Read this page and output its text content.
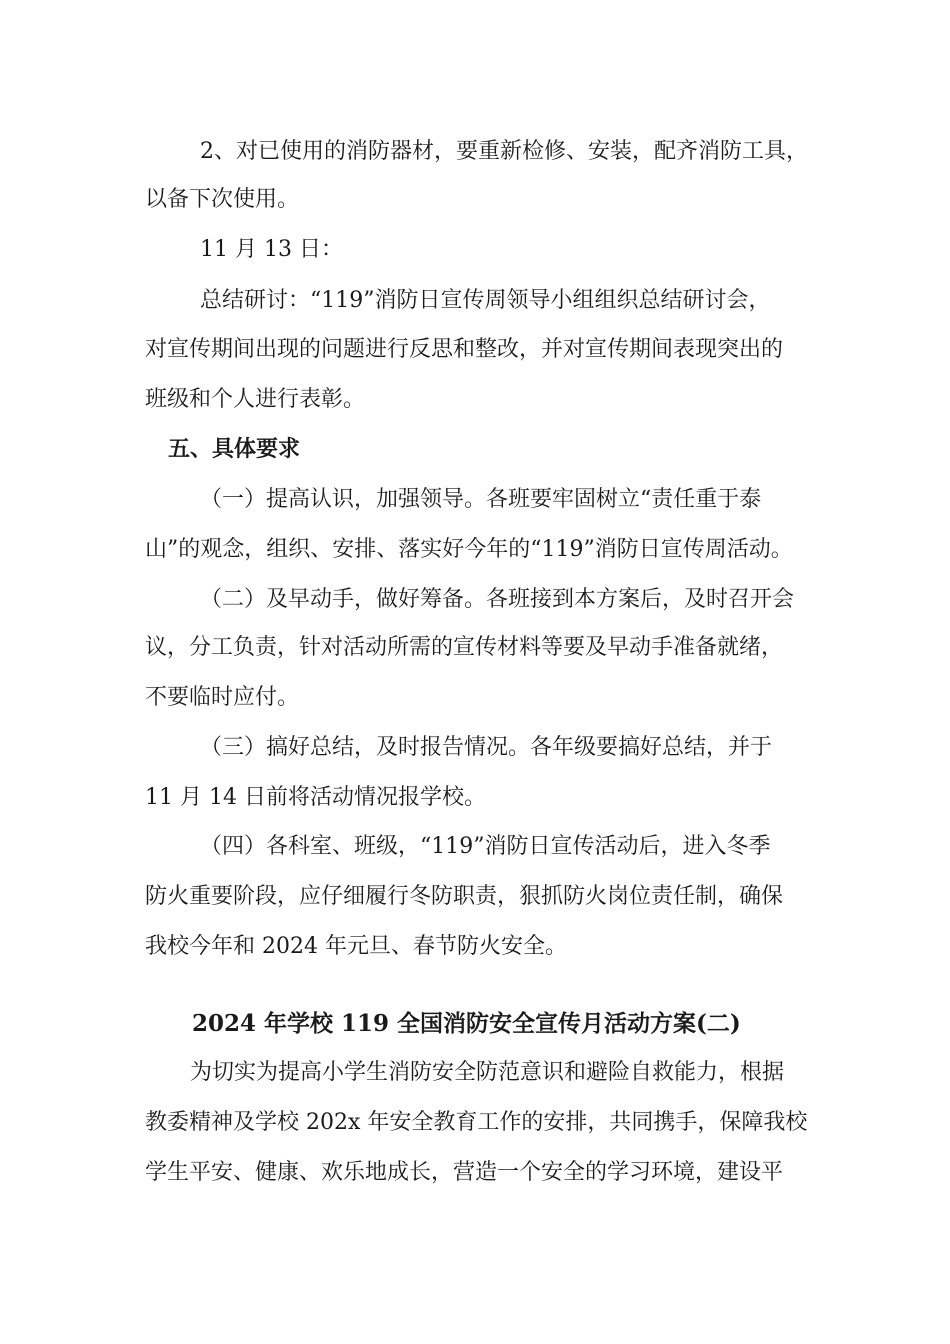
2、对已使用的消防器材，要重新检修、安装，配齐消防工具，
以备下次使用。
11 月 13 日：
总结研讨：“119”消防日宣传周领导小组组织总结研讨会，
对宣传期间出现的问题进行反思和整改，并对宣传期间表现突出的
班级和个人进行表彰。
五、具体要求
（一）提高认识，加强领导。各班要牢固树立“责任重于泰
山”的观念，组织、安排、落实好今年的“119”消防日宣传周活动。
（二）及早动手，做好筹备。各班接到本方案后，及时召开会
议，分工负责，针对活动所需的宣传材料等要及早动手准备就绪，
不要临时应付。
（三）搞好总结，及时报告情况。各年级要搞好总结，并于
11 月 14 日前将活动情况报学校。
（四）各科室、班级，“119”消防日宣传活动后，进入冬季
防火重要阶段，应仔细履行冬防职责，狠抓防火岗位责任制，确保
我校今年和 2024 年元旦、春节防火安全。
2024 年学校 119 全国消防安全宣传月活动方案(二)
为切实为提高小学生消防安全防范意识和避险自救能力，根据
教委精神及学校 202x 年安全教育工作的安排，共同携手，保障我校
学生平安、健康、欢乐地成长，营造一个安全的学习环境，建设平
